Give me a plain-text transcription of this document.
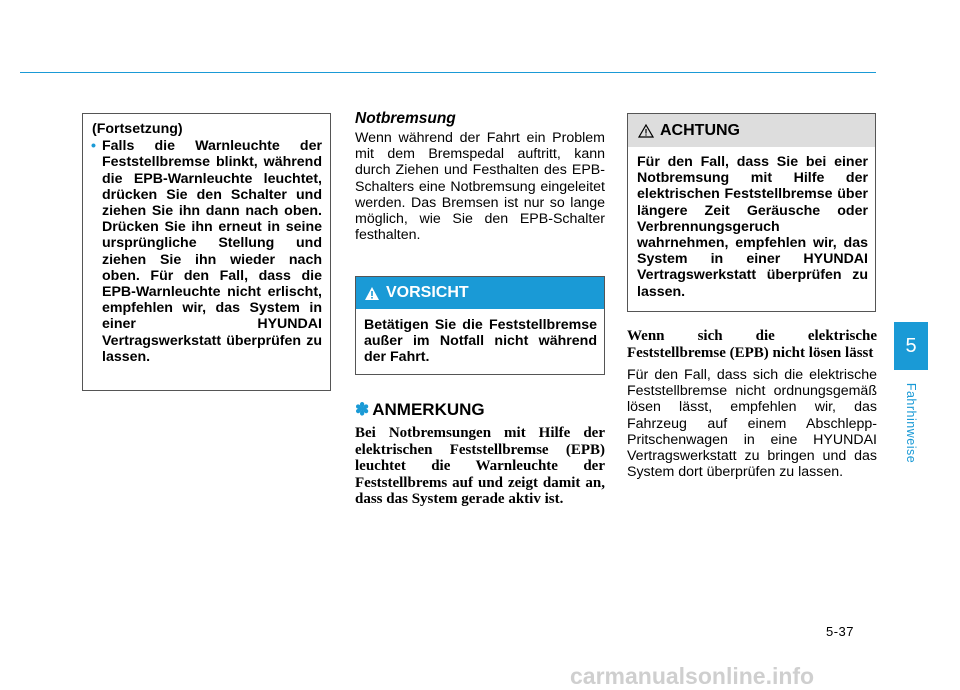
(Fortsetzung)
• Falls die Warnleuchte der Feststellbremse blinkt, während die EPB-Warnleuchte leuchtet, drücken Sie den Schalter und ziehen Sie ihn dann nach oben. Drücken Sie ihn erneut in seine ursprüngliche Stellung und ziehen Sie ihn wieder nach oben. Für den Fall, dass die EPB-Warnleuchte nicht erlischt, empfehlen wir, das System in einer HYUNDAI Vertragswerkstatt überprüfen zu lassen.
Notbremsung
Wenn während der Fahrt ein Problem mit dem Bremspedal auftritt, kann durch Ziehen und Festhalten des EPB-Schalters eine Notbremsung eingeleitet werden. Das Bremsen ist nur so lange möglich, wie Sie den EPB-Schalter festhalten.
VORSICHT
Betätigen Sie die Feststellbremse außer im Notfall nicht während der Fahrt.
✽ ANMERKUNG
Bei Notbremsungen mit Hilfe der elektrischen Feststellbremse (EPB) leuchtet die Warnleuchte der Feststellbrems auf und zeigt damit an, dass das System gerade aktiv ist.
ACHTUNG
Für den Fall, dass Sie bei einer Notbremsung mit Hilfe der elektrischen Feststellbremse über längere Zeit Geräusche oder Verbrennungsgeruch wahrnehmen, empfehlen wir, das System in einer HYUNDAI Vertragswerkstatt überprüfen zu lassen.
Wenn sich die elektrische Feststellbremse (EPB) nicht lösen lässt
Für den Fall, dass sich die elektrische Feststellbremse nicht ordnungsgemäß lösen lässt, empfehlen wir, das Fahrzeug auf einem Abschlepp-Pritschenwagen in eine HYUNDAI Vertragswerkstatt zu bringen und das System dort überprüfen zu lassen.
5
Fahrhinweise
5-37
carmanualsonline.info
